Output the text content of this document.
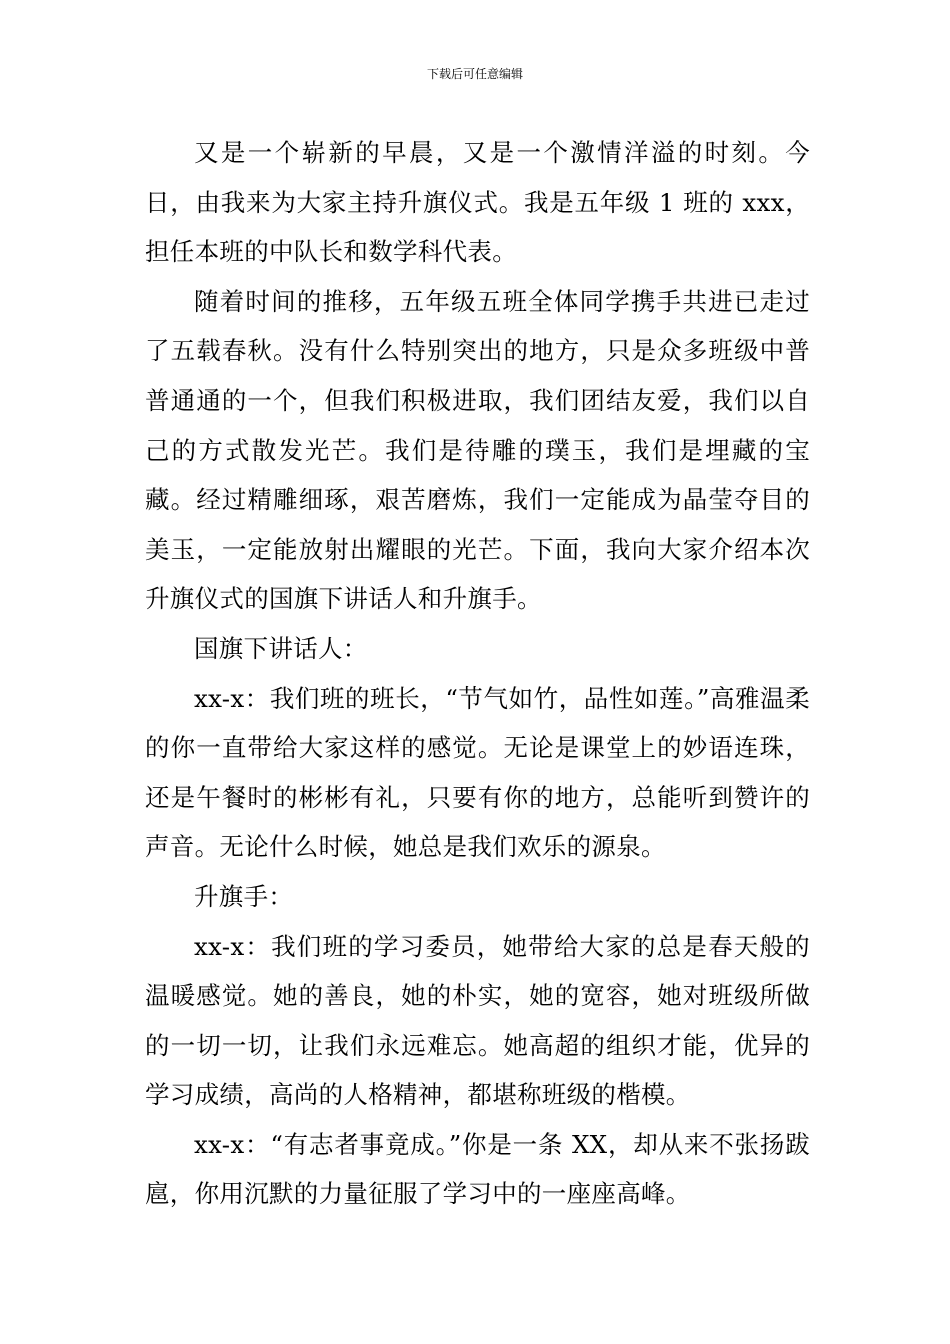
下载后可任意编辑

又是一个崭新的早晨，又是一个激情洋溢的时刻。今日，由我来为大家主持升旗仪式。我是五年级 1 班的 xxx，担任本班的中队长和数学科代表。

随着时间的推移，五年级五班全体同学携手共进已走过了五载春秋。没有什么特别突出的地方，只是众多班级中普普通通的一个，但我们积极进取，我们团结友爱，我们以自己的方式散发光芒。我们是待雕的璞玉，我们是埋藏的宝藏。经过精雕细琢，艰苦磨炼，我们一定能成为晶莹夺目的美玉，一定能放射出耀眼的光芒。下面，我向大家介绍本次升旗仪式的国旗下讲话人和升旗手。

国旗下讲话人：

xx-x：我们班的班长，“节气如竹，品性如莲。”高雅温柔的你一直带给大家这样的感觉。无论是课堂上的妙语连珠，还是午餐时的彬彬有礼，只要有你的地方，总能听到赞许的声音。无论什么时候，她总是我们欢乐的源泉。

升旗手：

xx-x：我们班的学习委员，她带给大家的总是春天般的温暖感觉。她的善良，她的朴实，她的宽容，她对班级所做的一切一切，让我们永远难忘。她高超的组织才能，优异的学习成绩，高尚的人格精神，都堪称班级的楷模。

xx-x：“有志者事竟成。”你是一条 XX，却从来不张扬跋扈，你用沉默的力量征服了学习中的一座座高峰。
